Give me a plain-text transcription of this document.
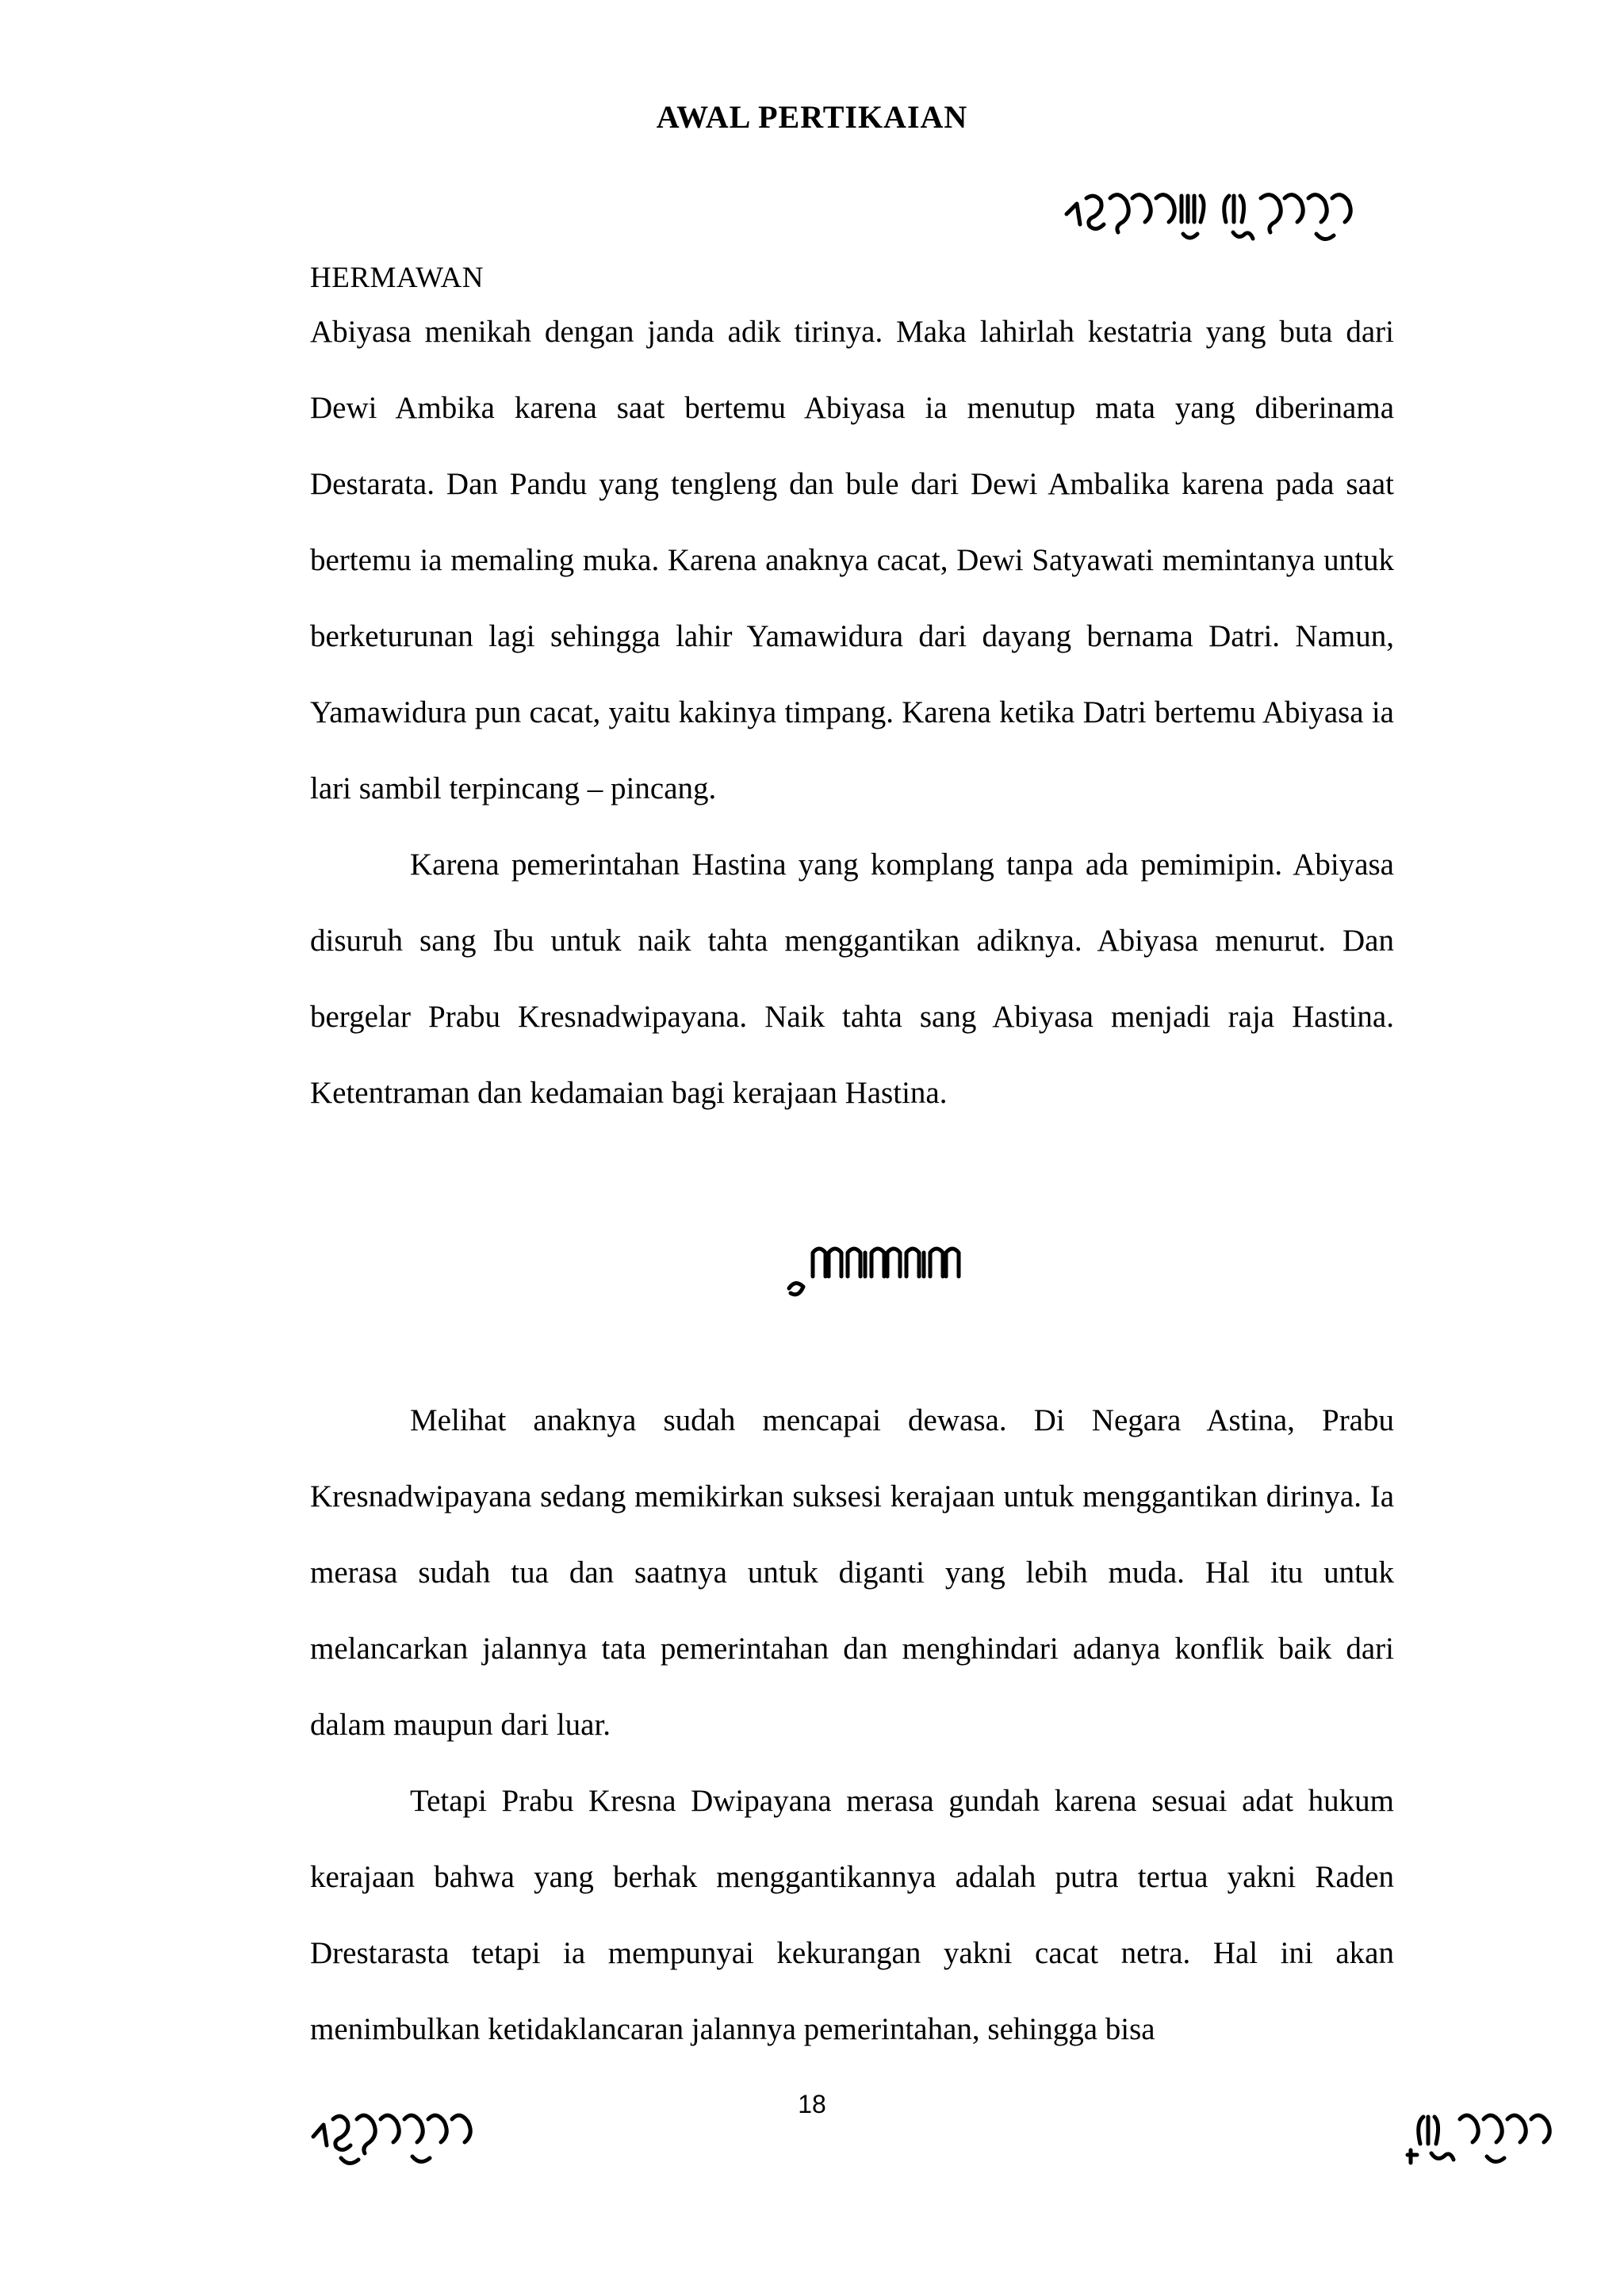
AWAL PERTIKAIAN
HERMAWAN

Abiyasa menikah dengan janda adik tirinya. Maka lahirlah kestatria yang buta dari Dewi Ambika karena saat bertemu Abiyasa ia menutup mata yang diberinama Destarata. Dan Pandu yang tengleng dan bule dari Dewi Ambalika karena pada saat bertemu ia memaling muka. Karena anaknya cacat, Dewi Satyawati memintanya untuk berketurunan lagi sehingga lahir Yamawidura dari dayang bernama Datri. Namun, Yamawidura pun cacat, yaitu kakinya timpang. Karena ketika Datri bertemu Abiyasa ia lari sambil terpincang – pincang.

Karena pemerintahan Hastina yang komplang tanpa ada pemimipin. Abiyasa disuruh sang Ibu untuk naik tahta menggantikan adiknya. Abiyasa menurut. Dan bergelar Prabu Kresnadwipayana. Naik tahta sang Abiyasa menjadi raja Hastina. Ketentraman dan kedamaian bagi kerajaan Hastina.

Melihat anaknya sudah mencapai dewasa. Di Negara Astina, Prabu Kresnadwipayana sedang memikirkan suksesi kerajaan untuk menggantikan dirinya. Ia merasa sudah tua dan saatnya untuk diganti yang lebih muda. Hal itu untuk melancarkan jalannya tata pemerintahan dan menghindari adanya konflik baik dari dalam maupun dari luar.

Tetapi Prabu Kresna Dwipayana merasa gundah karena sesuai adat hukum kerajaan bahwa yang berhak menggantikannya adalah putra tertua yakni Raden Drestarasta tetapi ia mempunyai kekurangan yakni cacat netra. Hal ini akan menimbulkan ketidaklancaran jalannya pemerintahan, sehingga bisa

18
